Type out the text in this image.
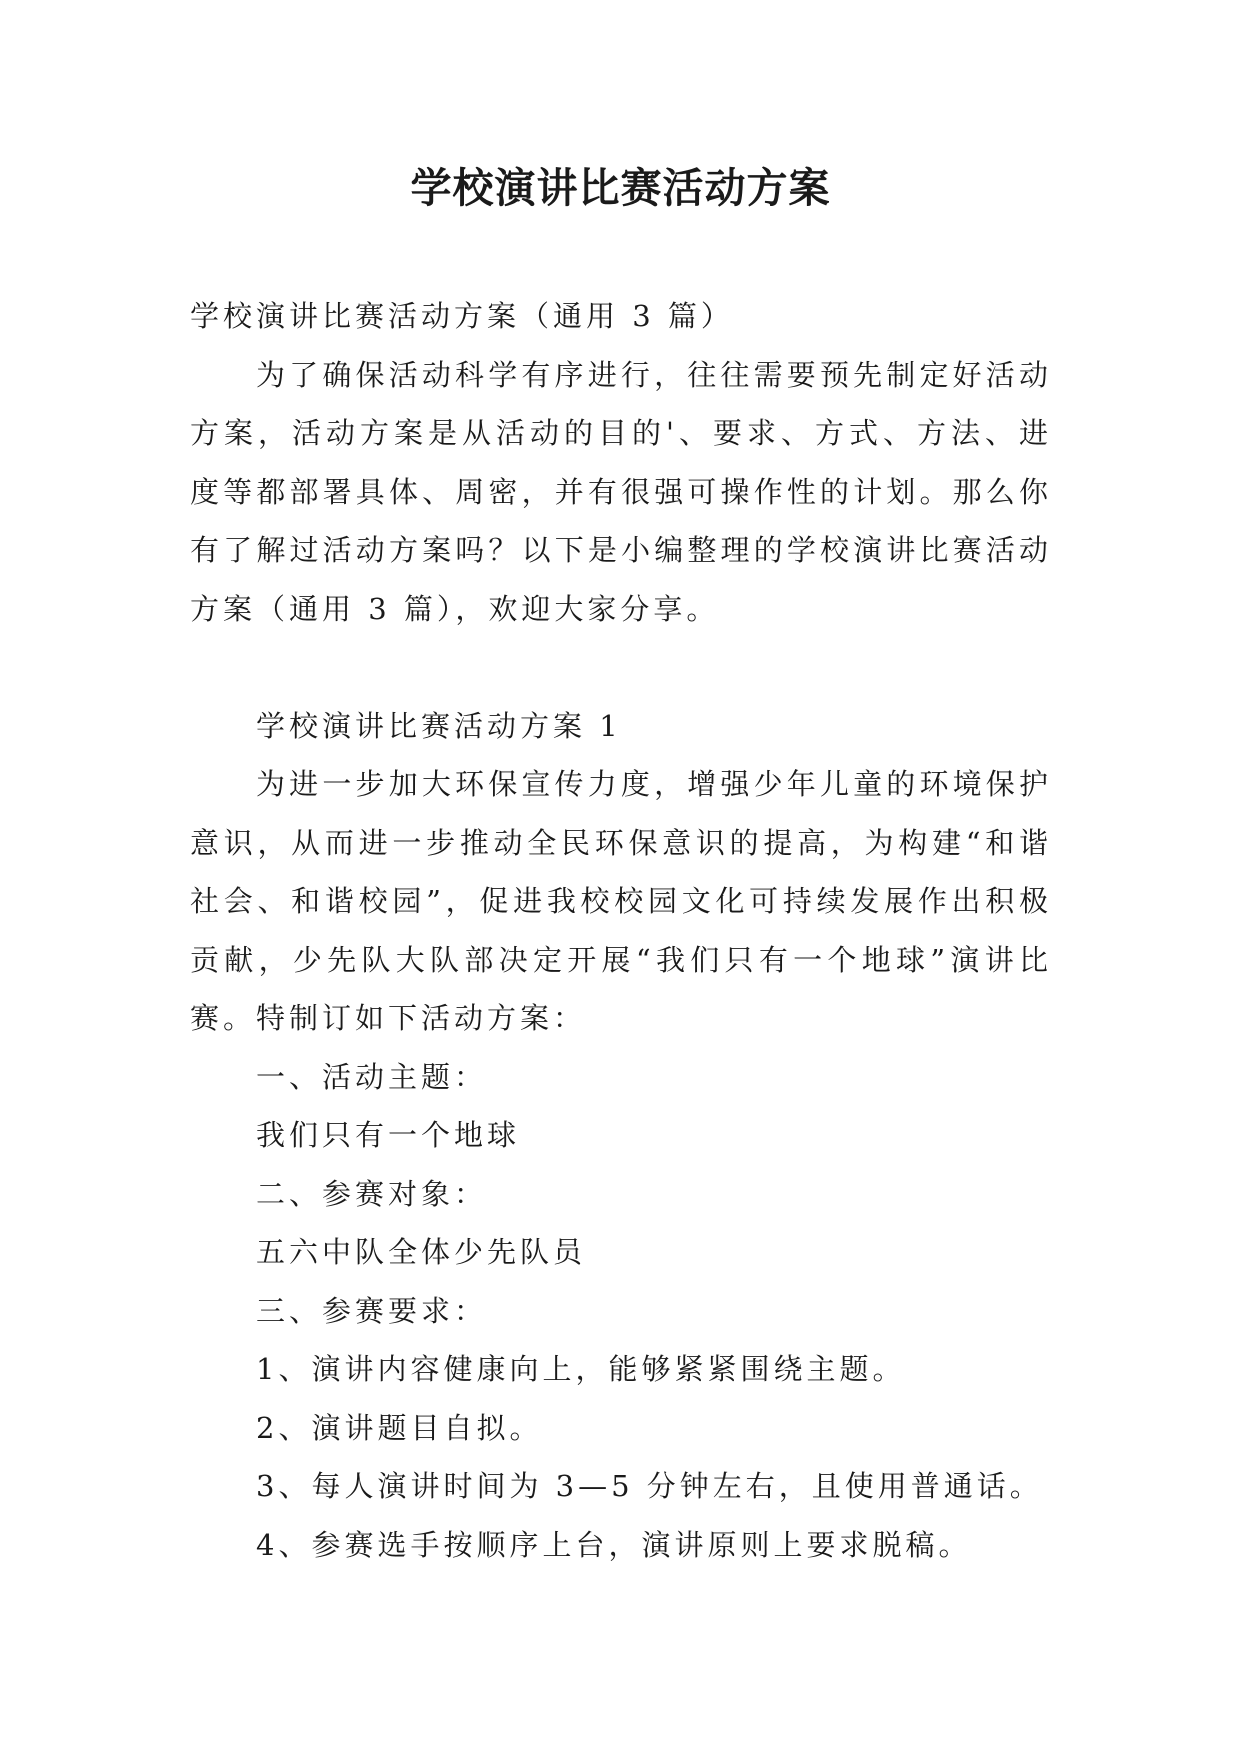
学校演讲比赛活动方案

学校演讲比赛活动方案（通用 3 篇）

为了确保活动科学有序进行，往往需要预先制定好活动方案，活动方案是从活动的目的'、要求、方式、方法、进度等都部署具体、周密，并有很强可操作性的计划。那么你有了解过活动方案吗？以下是小编整理的学校演讲比赛活动方案（通用 3 篇），欢迎大家分享。

学校演讲比赛活动方案 1

为进一步加大环保宣传力度，增强少年儿童的环境保护意识，从而进一步推动全民环保意识的提高，为构建“和谐社会、和谐校园”，促进我校校园文化可持续发展作出积极贡献，少先队大队部决定开展“我们只有一个地球”演讲比赛。特制订如下活动方案：

一、活动主题：

我们只有一个地球

二、参赛对象：

五六中队全体少先队员

三、参赛要求：

1、演讲内容健康向上，能够紧紧围绕主题。

2、演讲题目自拟。

3、每人演讲时间为 3—5 分钟左右，且使用普通话。

4、参赛选手按顺序上台，演讲原则上要求脱稿。
